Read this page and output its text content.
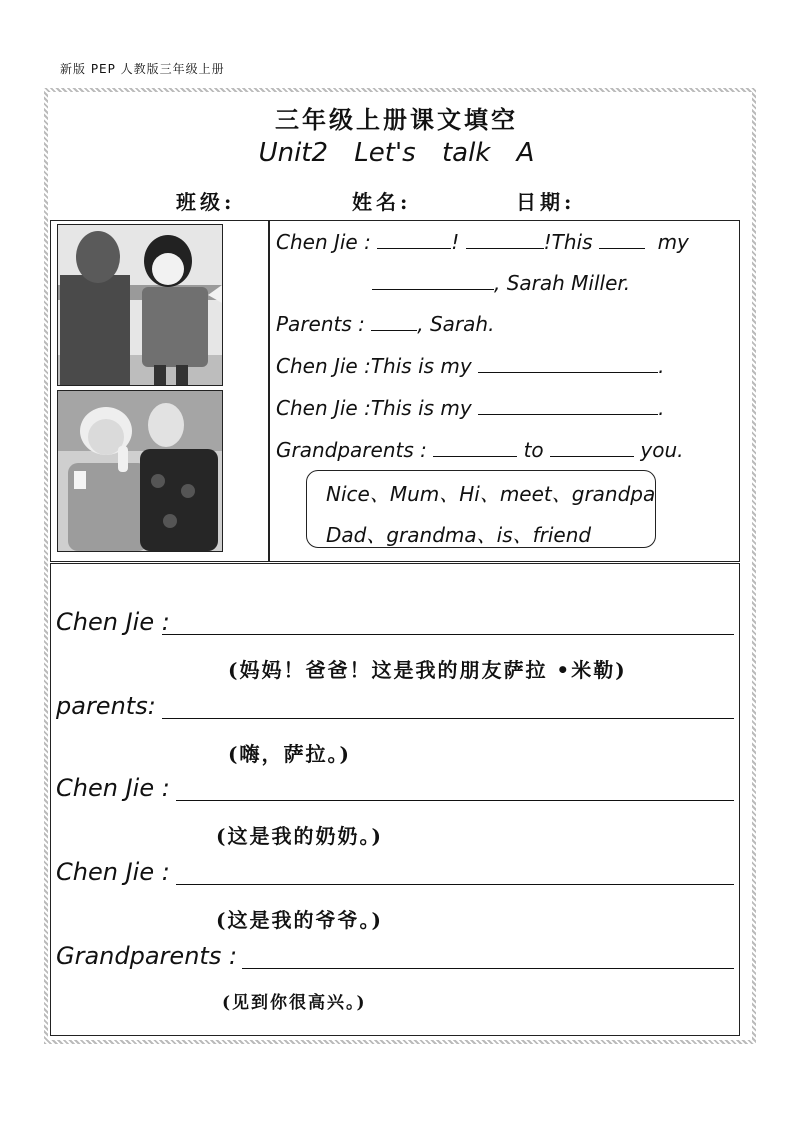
新版 PEP 人教版三年级上册
三年级上册课文填空
Unit2 Let's talk A
班级:	姓名:	日期:
Chen Jie :	!	!This	my
, Sarah Miller.
Parents :	, Sarah.
Chen Jie :This is my	.
Chen Jie :This is my	.
Grandparents :	to	you.
Nice、Mum、Hi、meet、grandpa
Dad、grandma、is、friend
Chen Jie :
(妈妈！爸爸！这是我的朋友萨拉 •米勒)
parents:
(嗨，萨拉。)
Chen Jie :
(这是我的奶奶。)
Chen Jie :
(这是我的爷爷。)
Grandparents :
(见到你很高兴。)
